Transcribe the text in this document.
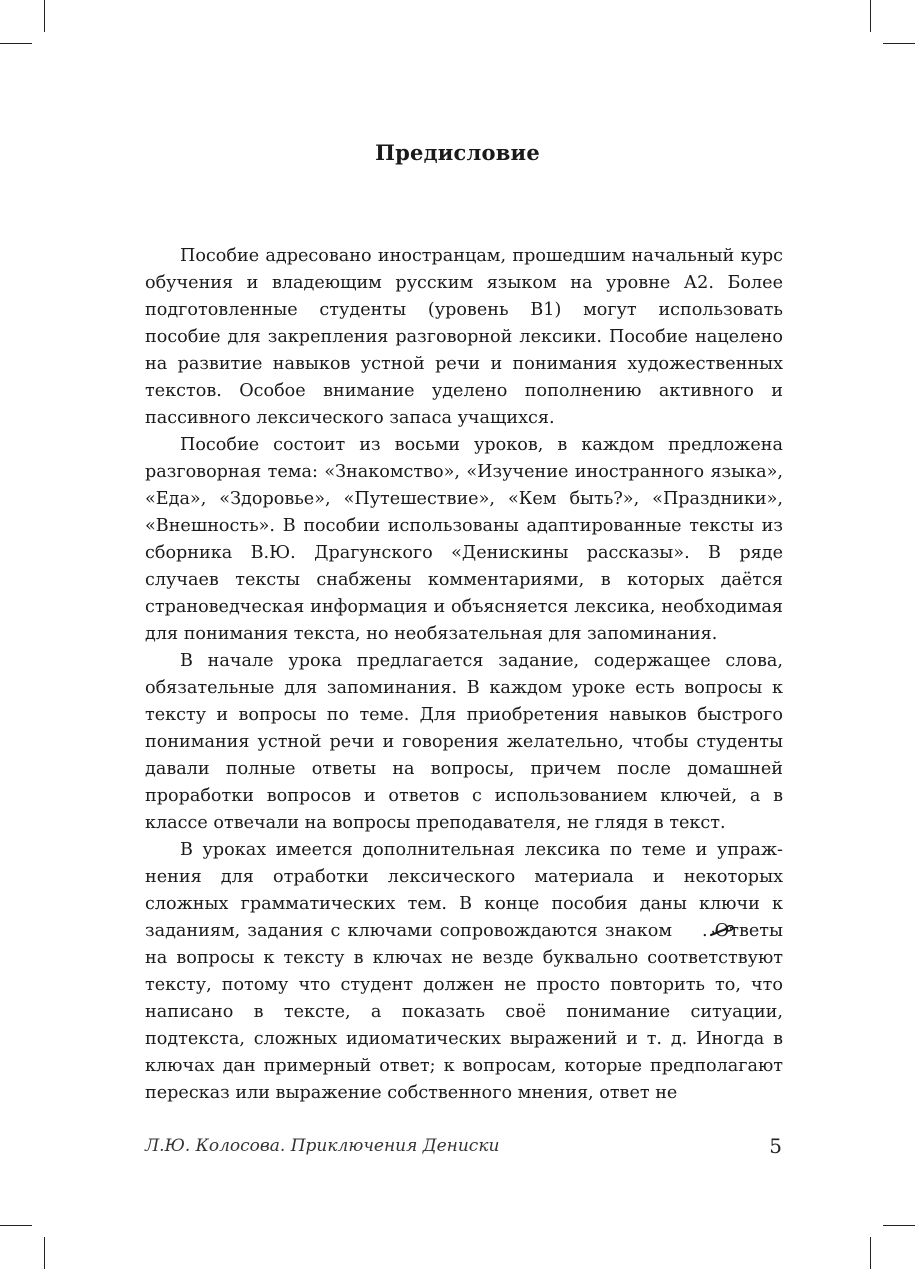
Предисловие

Пособие адресовано иностранцам, прошедшим начальный курс обучения и владеющим русским языком на уровне А2. Более подготовленные студенты (уровень В1) могут использовать пособие для закрепления разговорной лексики. Пособие нацелено на развитие навыков устной речи и понимания художественных текстов. Особое внимание уделено пополнению активного и пассивного лексического запаса учащихся.

Пособие состоит из восьми уроков, в каждом предложена разговорная тема: «Знакомство», «Изучение иностранного языка», «Еда», «Здоровье», «Путешествие», «Кем быть?», «Праздники», «Внешность». В пособии использованы адаптированные тексты из сборника В.Ю. Драгунского «Денискины рассказы». В ряде случаев тексты снабжены комментариями, в которых даётся страноведческая информация и объясняется лексика, необходимая для понимания текста, но необязательная для запоминания.

В начале урока предлагается задание, содержащее слова, обязательные для запоминания. В каждом уроке есть вопросы к тексту и вопросы по теме. Для приобретения навыков быстрого понимания устной речи и говорения желательно, чтобы студенты давали полные ответы на вопросы, причем после домашней проработки вопросов и ответов с использованием ключей, а в классе отвечали на вопросы преподавателя, не глядя в текст.

В уроках имеется дополнительная лексика по теме и упражнения для отработки лексического материала и некоторых сложных грамматических тем. В конце пособия даны ключи к заданиям, задания с ключами сопровождаются знаком . Ответы на вопросы к тексту в ключах не везде буквально соответствуют тексту, потому что студент должен не просто повторить то, что написано в тексте, а показать своё понимание ситуации, подтекста, сложных идиоматических выражений и т. д. Иногда в ключах дан примерный ответ; к вопросам, которые предполагают пересказ или выражение собственного мнения, ответ не

Л.Ю. Колосова. Приключения Дениски	5
